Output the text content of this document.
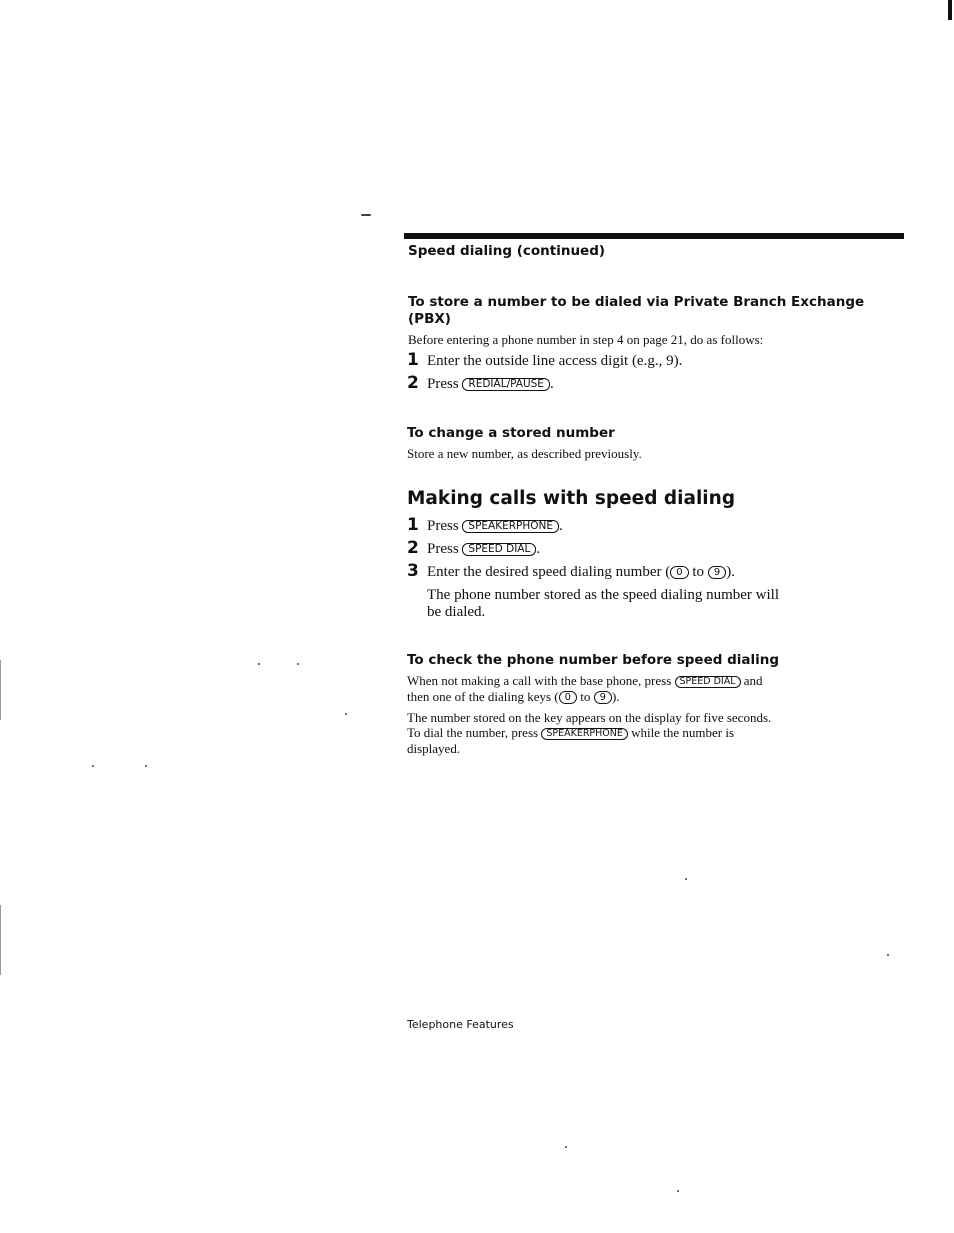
Speed dialing (continued)
To store a number to be dialed via Private Branch Exchange
(PBX)
Before entering a phone number in step 4 on page 21, do as follows:
1 Enter the outside line access digit (e.g., 9).
2 Press REDIAL/PAUSE .
To change a stored number
Store a new number, as described previously.
Making calls with speed dialing
1 Press SPEAKERPHONE .
2 Press SPEED DIAL .
3 Enter the desired speed dialing number ( 0 to 9 ).
The phone number stored as the speed dialing number will
be dialed.
To check the phone number before speed dialing
When not making a call with the base phone, press SPEED DIAL and
then one of the dialing keys ( 0 to 9 ).
The number stored on the key appears on the display for five seconds.
To dial the number, press SPEAKERPHONE while the number is
displayed.
Telephone Features
